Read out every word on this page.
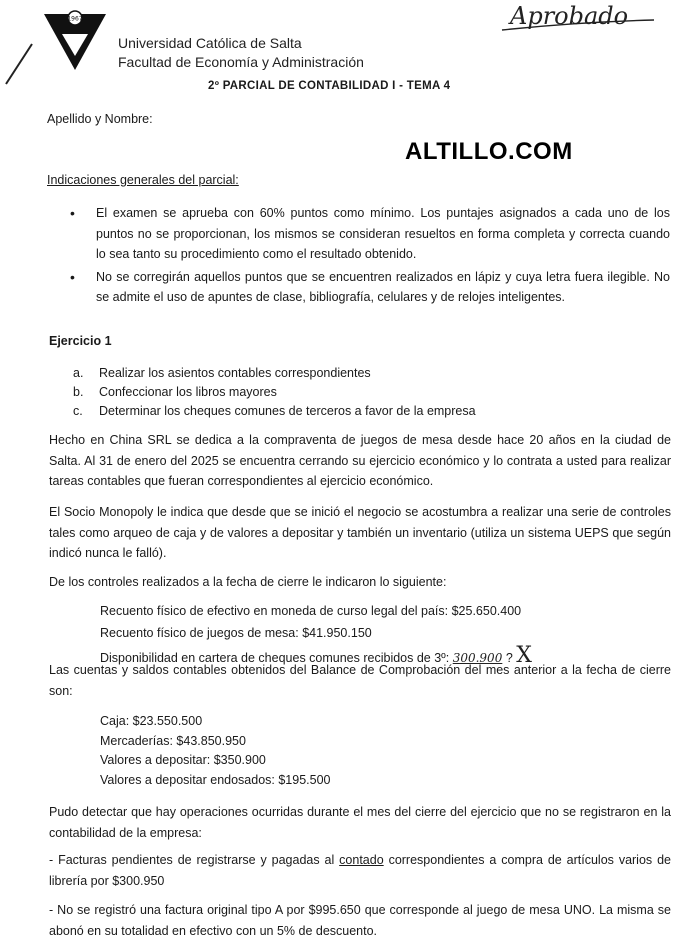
1967
Universidad Católica de Salta
Facultad de Economía y Administración
Aprobado
2º PARCIAL DE CONTABILIDAD I - TEMA 4
Apellido y Nombre:
ALTILLO.COM
Indicaciones generales del parcial:
•	El examen se aprueba con 60% puntos como mínimo. Los puntajes asignados a cada uno de los puntos no se proporcionan, los mismos se consideran resueltos en forma completa y correcta cuando lo sea tanto su procedimiento como el resultado obtenido.
•	No se corregirán aquellos puntos que se encuentren realizados en lápiz y cuya letra fuera ilegible. No se admite el uso de apuntes de clase, bibliografía, celulares y de relojes inteligentes.
Ejercicio 1
a.	Realizar los asientos contables correspondientes
b.	Confeccionar los libros mayores
c.	Determinar los cheques comunes de terceros a favor de la empresa
Hecho en China SRL se dedica a la compraventa de juegos de mesa desde hace 20 años en la ciudad de Salta. Al 31 de enero del 2025 se encuentra cerrando su ejercicio económico y lo contrata a usted para realizar tareas contables que fueran correspondientes al ejercicio económico.
El Socio Monopoly le indica que desde que se inició el negocio se acostumbra a realizar una serie de controles tales como arqueo de caja y de valores a depositar y también un inventario (utiliza un sistema UEPS que según indicó nunca le falló).
De los controles realizados a la fecha de cierre le indicaron lo siguiente:
Recuento físico de efectivo en moneda de curso legal del país: $25.650.400
Recuento físico de juegos de mesa: $41.950.150
Disponibilidad en cartera de cheques comunes recibidos de 3º: 300.900 ? X
Las cuentas y saldos contables obtenidos del Balance de Comprobación del mes anterior a la fecha de cierre son:
Caja: $23.550.500
Mercaderías: $43.850.950
Valores a depositar: $350.900
Valores a depositar endosados: $195.500
Pudo detectar que hay operaciones ocurridas durante el mes del cierre del ejercicio que no se registraron en la contabilidad de la empresa:
- Facturas pendientes de registrarse y pagadas al contado correspondientes a compra de artículos varios de librería por $300.950
- No se registró una factura original tipo A por $995.650 que corresponde al juego de mesa UNO. La misma se abonó en su totalidad en efectivo con un 5% de descuento.
